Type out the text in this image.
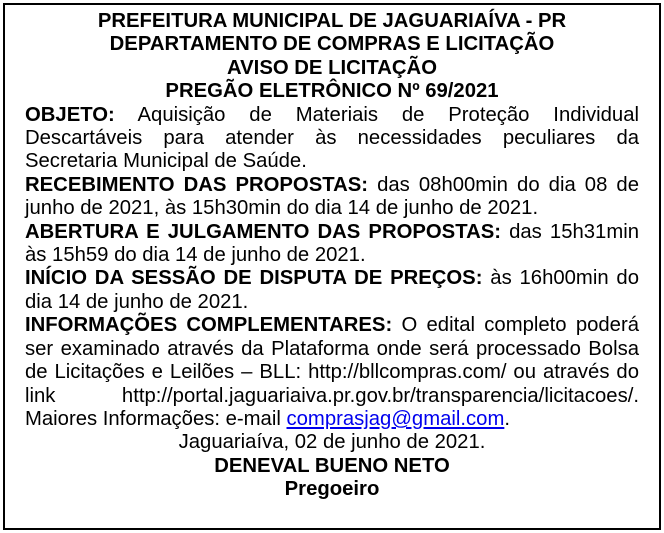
PREFEITURA MUNICIPAL DE JAGUARIAÍVA - PR
DEPARTAMENTO DE COMPRAS E LICITAÇÃO
AVISO DE LICITAÇÃO
PREGÃO ELETRÔNICO Nº 69/2021

OBJETO: Aquisição de Materiais de Proteção Individual Descartáveis para atender às necessidades peculiares da Secretaria Municipal de Saúde.

RECEBIMENTO DAS PROPOSTAS: das 08h00min do dia 08 de junho de 2021, às 15h30min do dia 14 de junho de 2021.

ABERTURA E JULGAMENTO DAS PROPOSTAS: das 15h31min às 15h59 do dia 14 de junho de 2021.

INÍCIO DA SESSÃO DE DISPUTA DE PREÇOS: às 16h00min do dia 14 de junho de 2021.

INFORMAÇÕES COMPLEMENTARES: O edital completo poderá ser examinado através da Plataforma onde será processado Bolsa de Licitações e Leilões – BLL: http://bllcompras.com/ ou através do link http://portal.jaguariaiva.pr.gov.br/transparencia/licitacoes/. Maiores Informações: e-mail comprasjag@gmail.com.

Jaguariaíva, 02 de junho de 2021.
DENEVAL BUENO NETO
Pregoeiro
